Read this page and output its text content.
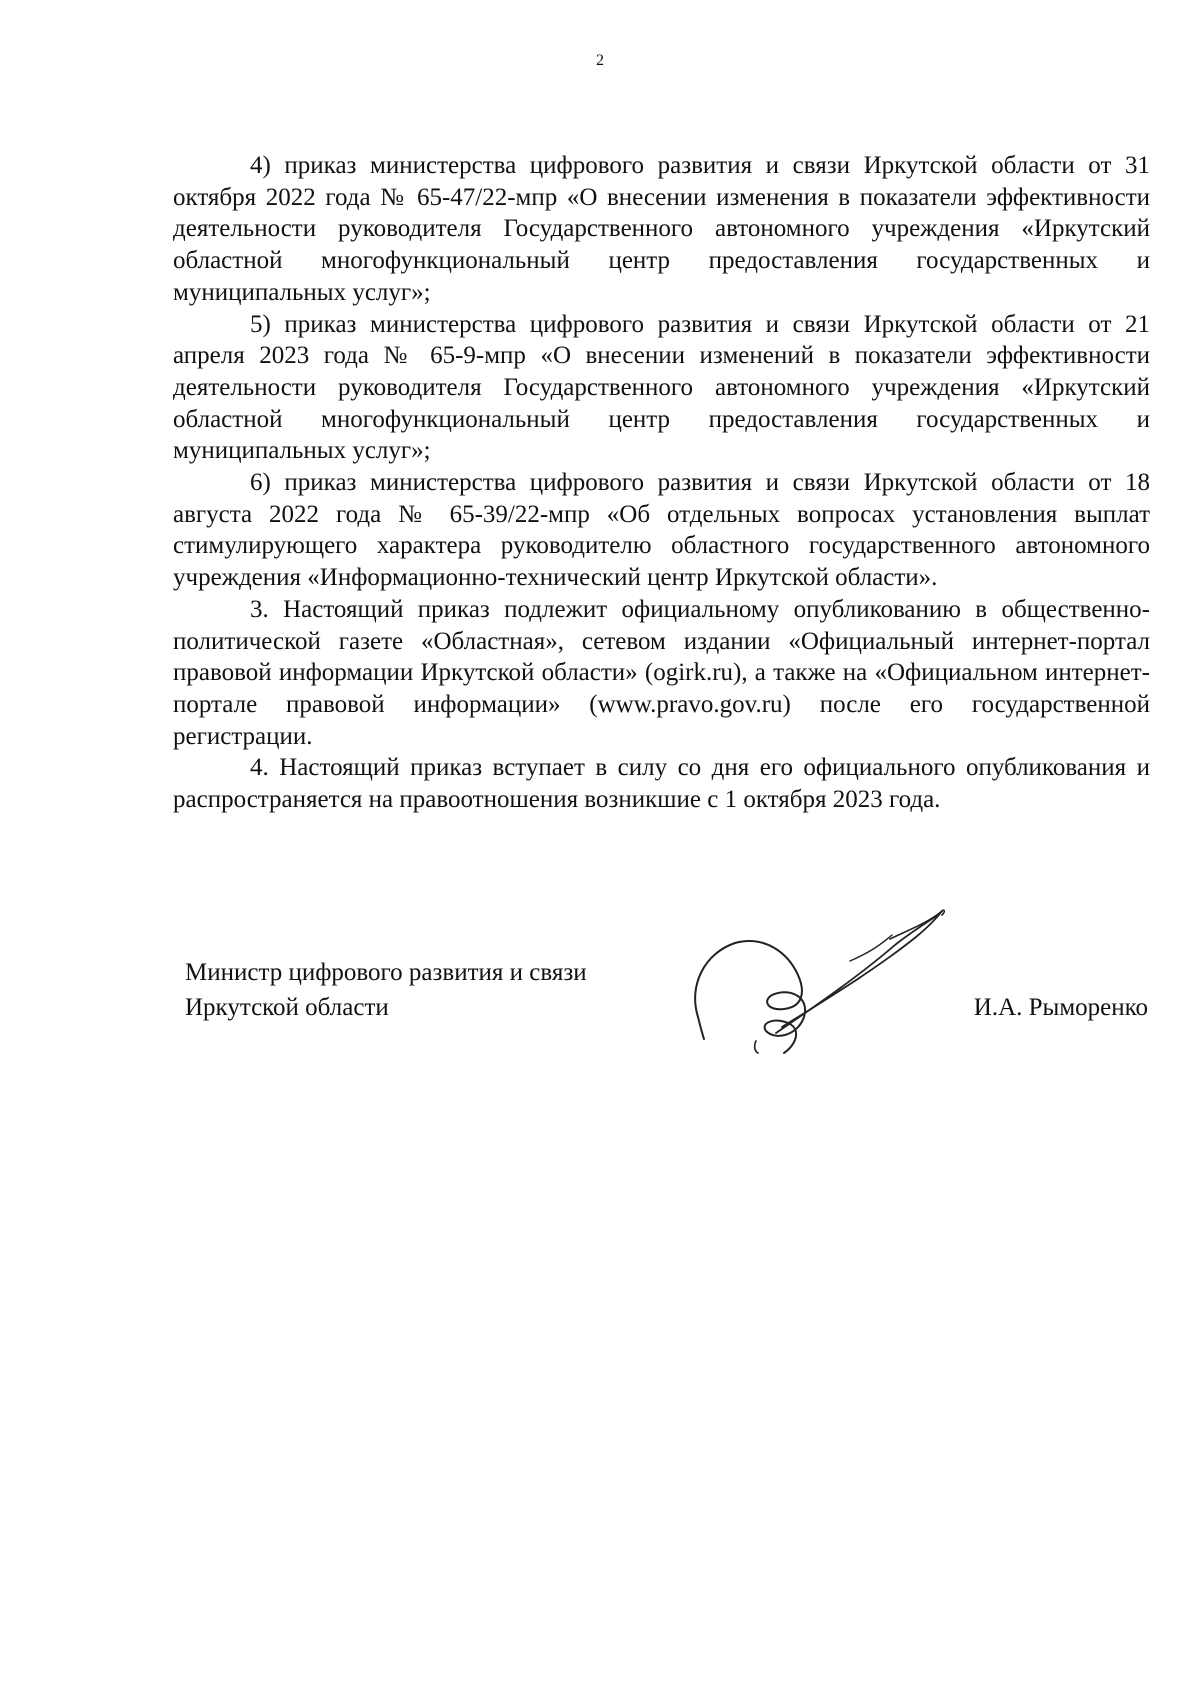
2

4) приказ министерства цифрового развития и связи Иркутской области от 31 октября 2022 года № 65-47/22-мпр «О внесении изменения в показатели эффективности деятельности руководителя Государственного автономного учреждения «Иркутский областной многофункциональный центр предоставления государственных и муниципальных услуг»;

5) приказ министерства цифрового развития и связи Иркутской области от 21 апреля 2023 года № 65-9-мпр «О внесении изменений в показатели эффективности деятельности руководителя Государственного автономного учреждения «Иркутский областной многофункциональный центр предоставления государственных и муниципальных услуг»;

6) приказ министерства цифрового развития и связи Иркутской области от 18 августа 2022 года № 65-39/22-мпр «Об отдельных вопросах установления выплат стимулирующего характера руководителю областного государственного автономного учреждения «Информационно-технический центр Иркутской области».

3. Настоящий приказ подлежит официальному опубликованию в общественно-политической газете «Областная», сетевом издании «Официальный интернет-портал правовой информации Иркутской области» (ogirk.ru), а также на «Официальном интернет-портале правовой информации» (www.pravo.gov.ru) после его государственной регистрации.

4. Настоящий приказ вступает в силу со дня его официального опубликования и распространяется на правоотношения возникшие с 1 октября 2023 года.

Министр цифрового развития и связи
Иркутской области	И.А. Рыморенко
